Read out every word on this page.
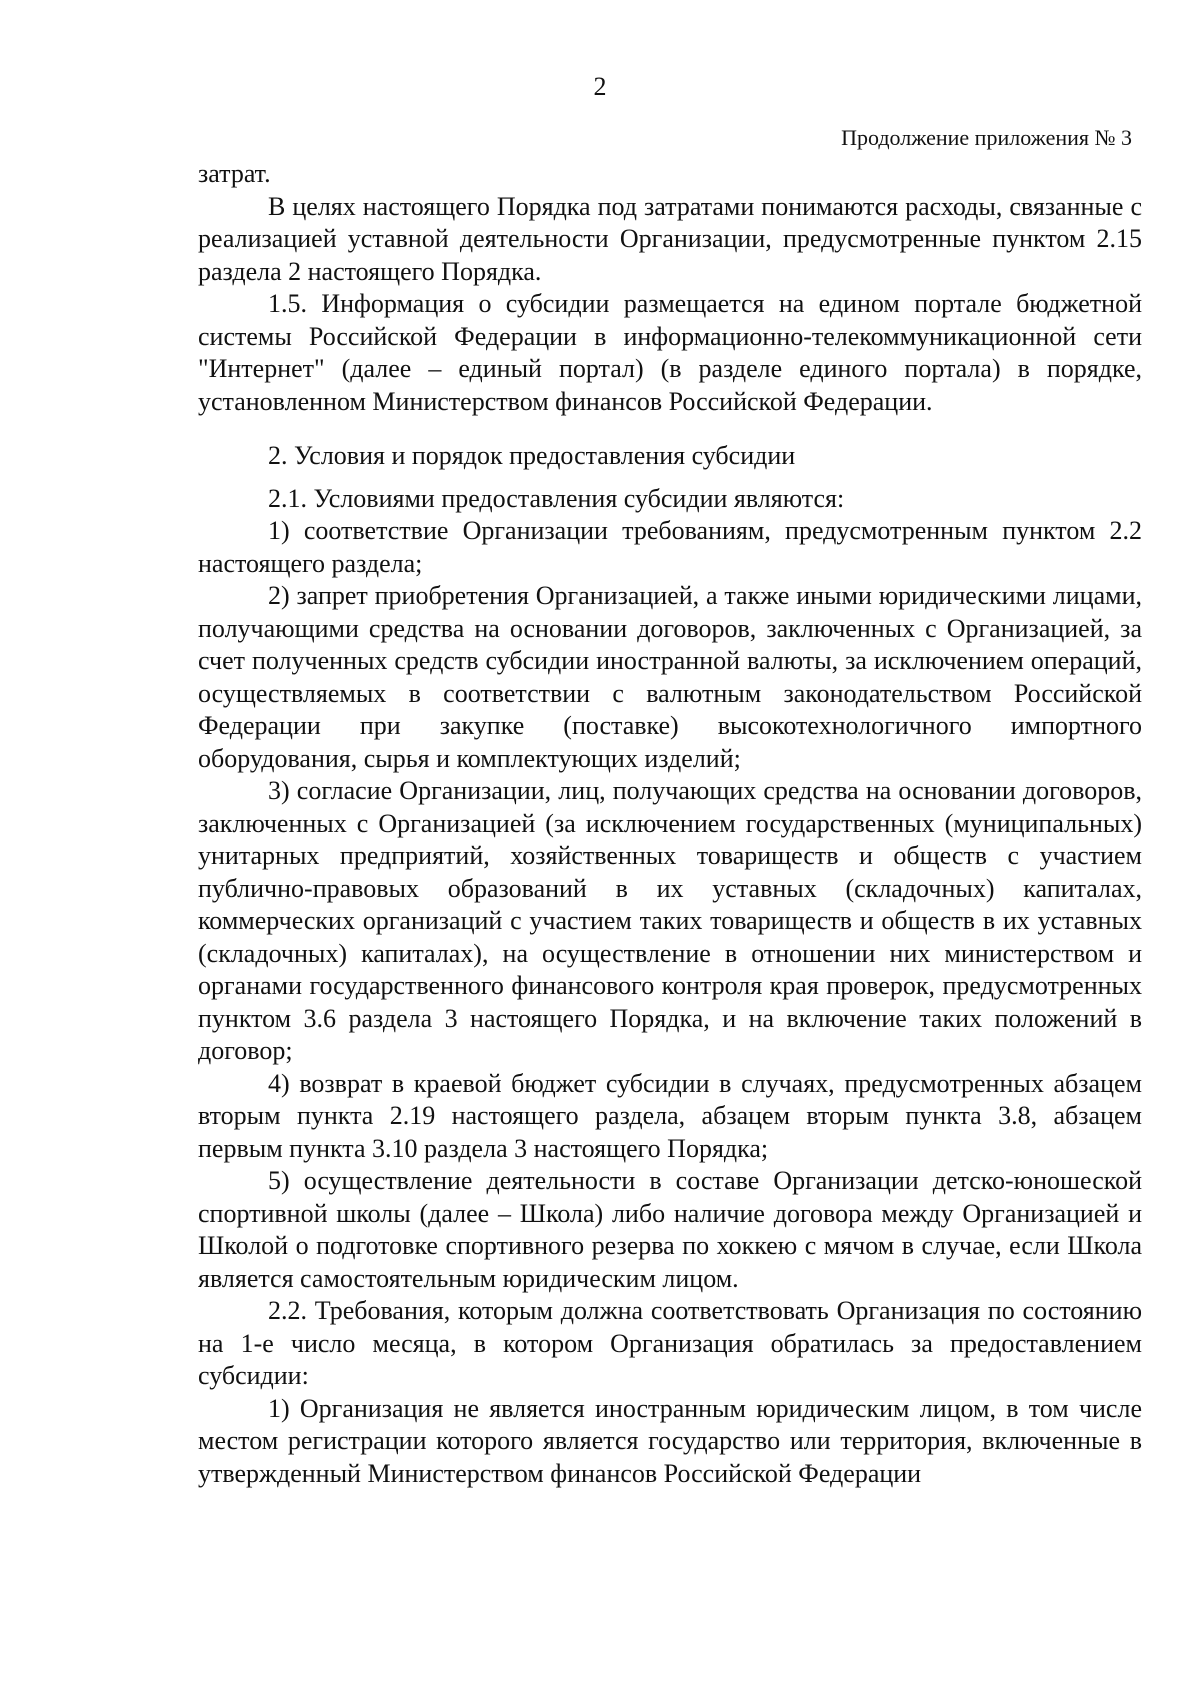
2
Продолжение приложения № 3

затрат.

В целях настоящего Порядка под затратами понимаются расходы, связанные с реализацией уставной деятельности Организации, предусмотренные пунктом 2.15 раздела 2 настоящего Порядка.

1.5. Информация о субсидии размещается на едином портале бюджетной системы Российской Федерации в информационно-телекоммуникационной сети "Интернет" (далее – единый портал) (в разделе единого портала) в порядке, установленном Министерством финансов Российской Федерации.

2. Условия и порядок предоставления субсидии

2.1. Условиями предоставления субсидии являются:

1) соответствие Организации требованиям, предусмотренным пунктом 2.2 настоящего раздела;

2) запрет приобретения Организацией, а также иными юридическими лицами, получающими средства на основании договоров, заключенных с Организацией, за счет полученных средств субсидии иностранной валюты, за исключением операций, осуществляемых в соответствии с валютным законодательством Российской Федерации при закупке (поставке) высокотехнологичного импортного оборудования, сырья и комплектующих изделий;

3) согласие Организации, лиц, получающих средства на основании договоров, заключенных с Организацией (за исключением государственных (муниципальных) унитарных предприятий, хозяйственных товариществ и обществ с участием публично-правовых образований в их уставных (складочных) капиталах, коммерческих организаций с участием таких товариществ и обществ в их уставных (складочных) капиталах), на осуществление в отношении них министерством и органами государственного финансового контроля края проверок, предусмотренных пунктом 3.6 раздела 3 настоящего Порядка, и на включение таких положений в договор;

4) возврат в краевой бюджет субсидии в случаях, предусмотренных абзацем вторым пункта 2.19 настоящего раздела, абзацем вторым пункта 3.8, абзацем первым пункта 3.10 раздела 3 настоящего Порядка;

5) осуществление деятельности в составе Организации детско-юношеской спортивной школы (далее – Школа) либо наличие договора между Организацией и Школой о подготовке спортивного резерва по хоккею с мячом в случае, если Школа является самостоятельным юридическим лицом.

2.2. Требования, которым должна соответствовать Организация по состоянию на 1-е число месяца, в котором Организация обратилась за предоставлением субсидии:

1) Организация не является иностранным юридическим лицом, в том числе местом регистрации которого является государство или территория, включенные в утвержденный Министерством финансов Российской Федерации
